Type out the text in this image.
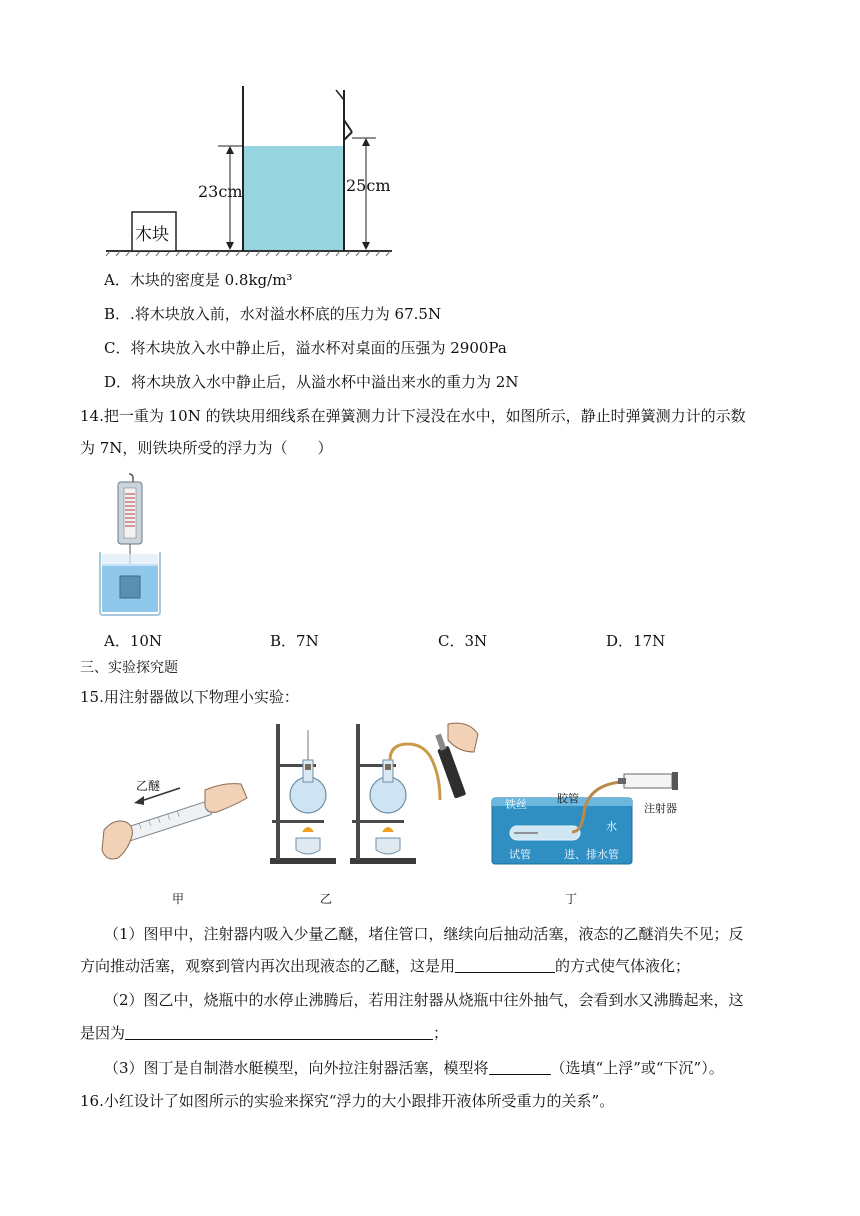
23cm	25cm
木块
A．木块的密度是 0.8kg/m³
B．.将木块放入前，水对溢水杯底的压力为 67.5N
C．将木块放入水中静止后，溢水杯对桌面的压强为 2900Pa
D．将木块放入水中静止后，从溢水杯中溢出来水的重力为 2N
14.把一重为 10N 的铁块用细线系在弹簧测力计下浸没在水中，如图所示，静止时弹簧测力计的示数
为 7N，则铁块所受的浮力为（　　）
A．10N	B．7N	C．3N	D．17N
三、实验探究题
15.用注射器做以下物理小实验：
乙醚
甲	乙
铁丝	胶管
注射器
水
试管	进、排水管
丁
（1）图甲中，注射器内吸入少量乙醚，堵住管口，继续向后抽动活塞，液态的乙醚消失不见；反
方向推动活塞，观察到管内再次出现液态的乙醚，这是用	的方式使气体液化；
（2）图乙中，烧瓶中的水停止沸腾后，若用注射器从烧瓶中往外抽气，会看到水又沸腾起来，这
是因为	；
（3）图丁是自制潜水艇模型，向外拉注射器活塞，模型将	（选填“上浮”或“下沉”）。
16.小红设计了如图所示的实验来探究“浮力的大小跟排开液体所受重力的关系”。
